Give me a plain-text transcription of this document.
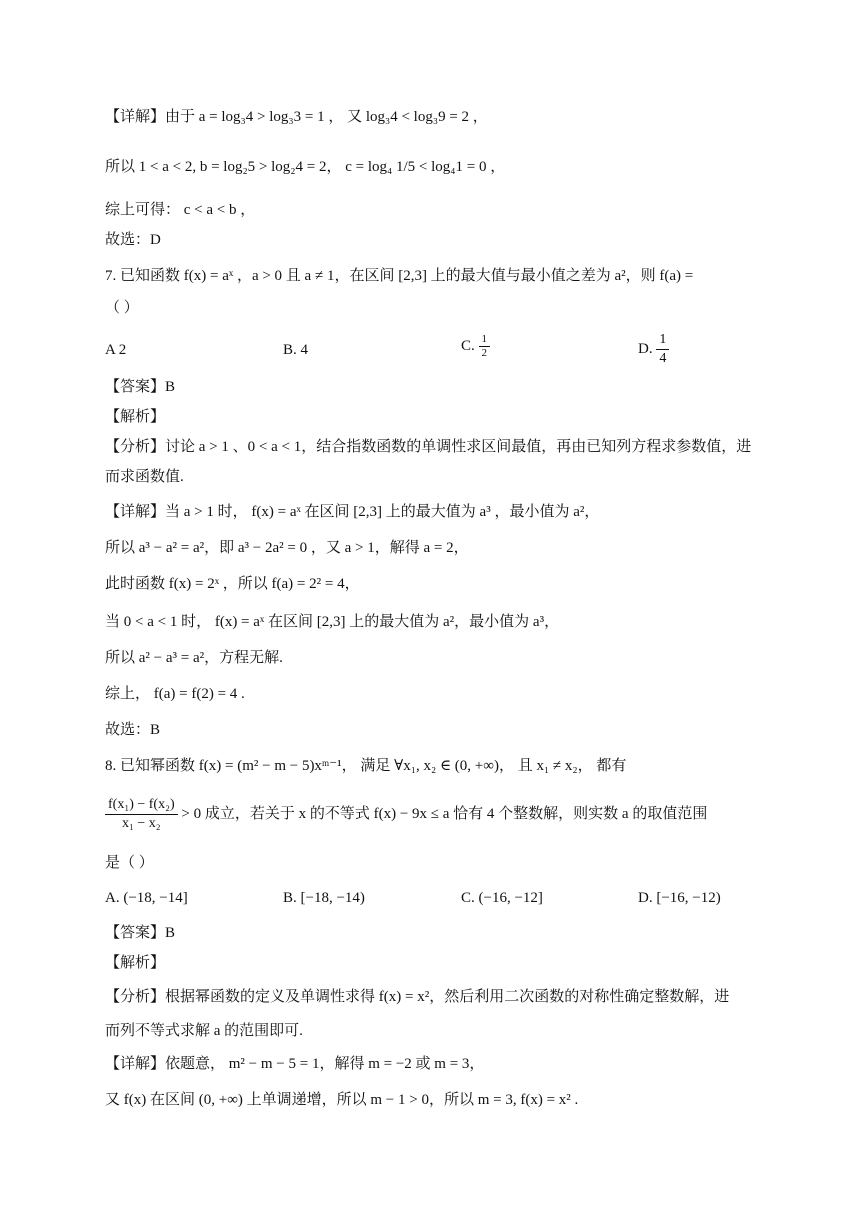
【详解】由于 a = log₃4 > log₃3 = 1 ， 又 log₃4 < log₃9 = 2 ，
所以 1 < a < 2, b = log₂5 > log₂4 = 2， c = log₄ 1/5 < log₄1 = 0 ，
综上可得： c < a < b ，
故选：D
7. 已知函数 f(x) = aˣ ，a > 0 且 a ≠ 1，在区间 [2,3] 上的最大值与最小值之差为 a²，则 f(a) =
（ ）
A 2	B. 4	C. $\frac{1}{2}$	D. $\frac{1}{4}$
【答案】B
【解析】
【分析】讨论 a > 1 、0 < a < 1，结合指数函数的单调性求区间最值，再由已知列方程求参数值，进
而求函数值.
【详解】当 a > 1 时， f(x) = aˣ 在区间 [2,3] 上的最大值为 a³ ，最小值为 a²，
所以 a³ − a² = a²，即 a³ − 2a² = 0 ，又 a > 1，解得 a = 2，
此时函数 f(x) = 2ˣ ，所以 f(a) = 2² = 4，
当 0 < a < 1 时， f(x) = aˣ 在区间 [2,3] 上的最大值为 a²，最小值为 a³，
所以 a² − a³ = a²，方程无解.
综上， f(a) = f(2) = 4 .
故选：B
8. 已知幂函数 f(x) = (m² − m − 5)xᵐ⁻¹， 满足 ∀x₁, x₂ ∈ (0, +∞)， 且 x₁ ≠ x₂， 都有
$\frac{\text{f(x₁) − f(x₂)}}{\text{x₁ − x₂}} > 0$ 成立，若关于 x 的不等式 f(x) − 9x ≤ a 恰有 4 个整数解，则实数 a 的取值范围
是（ ）
A. (−18, −14]	B. [−18, −14)	C. (−16, −12]	D. [−16, −12)
【答案】B
【解析】
【分析】根据幂函数的定义及单调性求得 f(x) = x²，然后利用二次函数的对称性确定整数解，进
而列不等式求解 a 的范围即可.
【详解】依题意， m² − m − 5 = 1，解得 m = −2 或 m = 3，
又 f(x) 在区间 (0, +∞) 上单调递增，所以 m − 1 > 0，所以 m = 3, f(x) = x² .
